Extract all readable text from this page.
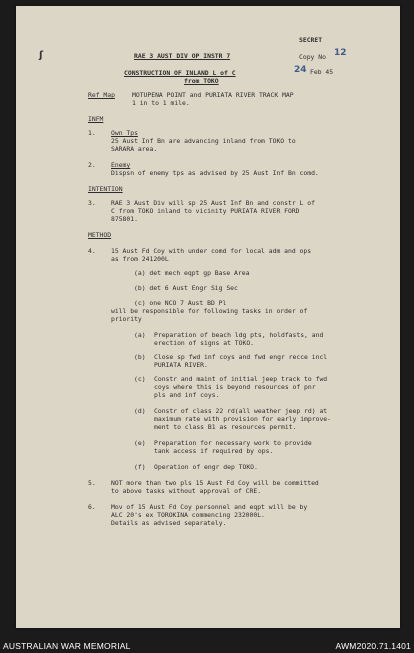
ʃ
SECRET
Copy No 12
24 Feb 45
RAE 3 AUST DIV OP INSTR 7
CONSTRUCTION OF INLAND L of C
from TOKO
Ref Map	MOTUPENA POINT and PURIATA RIVER TRACK MAP
1 in to 1 mile.
INFM
1. Own Tps
25 Aust Inf Bn are advancing inland from TOKO to
SARARA area.
2. Enemy
Dispsn of enemy tps as advised by 25 Aust Inf Bn comd.
INTENTION
3. RAE 3 Aust Div will sp 25 Aust Inf Bn and constr L of
C from TOKO inland to vicinity PURIATA RIVER FORD
875801.
METHOD
4. 15 Aust Fd Coy with under comd for local adm and ops
as from 241200L
(a) det mech eqpt gp Base Area
(b) det 6 Aust Engr Sig Sec
(c) one NCO 7 Aust BD Pl
will be responsible for following tasks in order of
priority
(a) Preparation of beach ldg pts, holdfasts, and
erection of signs at TOKO.
(b) Close sp fwd inf coys and fwd engr recce incl
PURIATA RIVER.
(c) Constr and maint of initial jeep track to fwd
coys where this is beyond resources of pnr
pls and inf coys.
(d) Constr of class 22 rd(all weather jeep rd) at
maximum rate with provision for early improve-
ment to class B1 as resources permit.
(e) Preparation for necessary work to provide
tank access if required by ops.
(f) Operation of engr dep TOKO.
5. NOT more than two pls 15 Aust Fd Coy will be committed
to above tasks without approval of CRE.
6. Mov of 15 Aust Fd Coy personnel and eqpt will be by
ALC 20's ex TOROKINA commencing 232000L.
Details as advised separately.
AUSTRALIAN WAR MEMORIAL	AWM2020.71.1401
